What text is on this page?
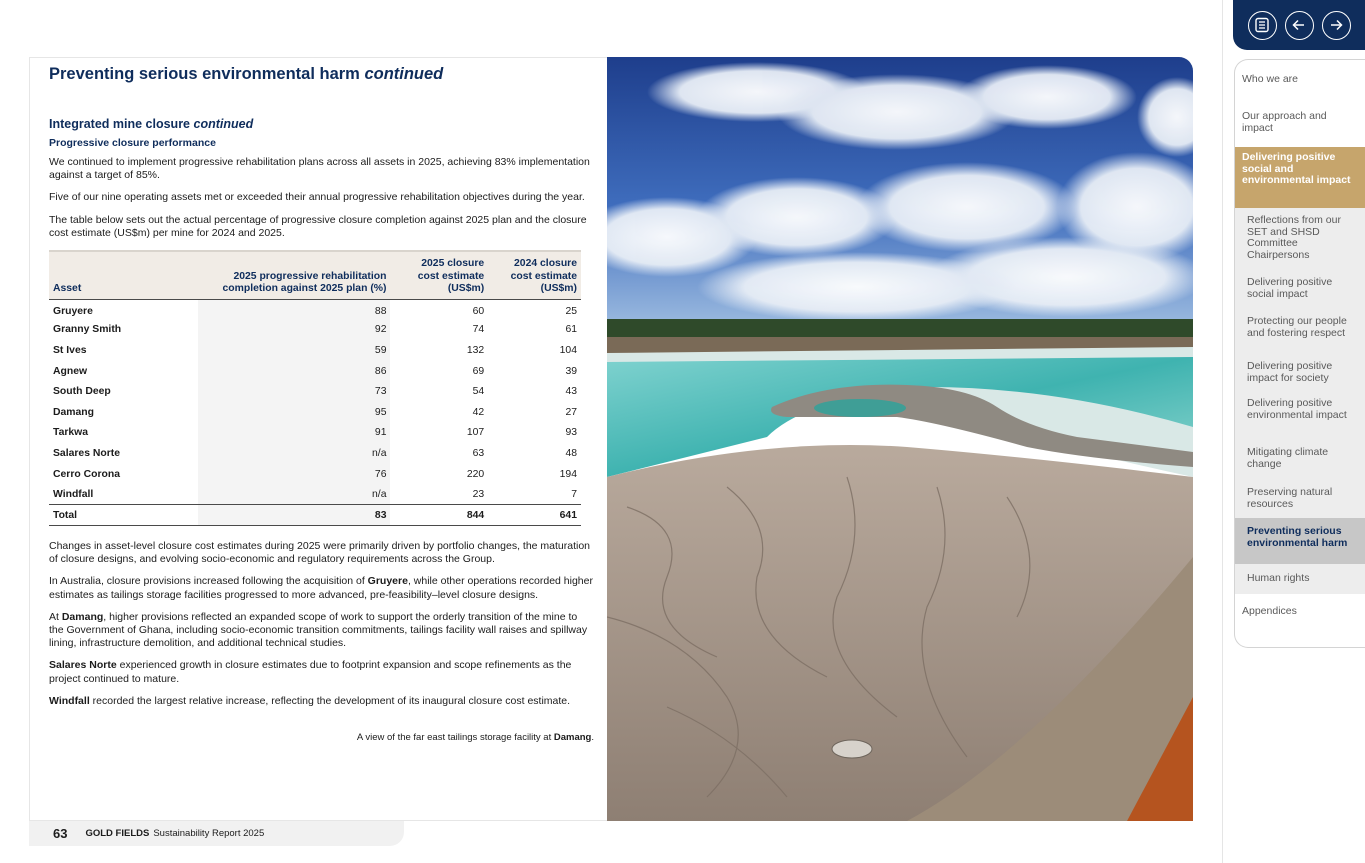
Preventing serious environmental harm continued
Integrated mine closure continued
Progressive closure performance

We continued to implement progressive rehabilitation plans across all assets in 2025, achieving 83% implementation against a target of 85%.

Five of our nine operating assets met or exceeded their annual progressive rehabilitation objectives during the year.

The table below sets out the actual percentage of progressive closure completion against 2025 plan and the closure cost estimate (US$m) per mine for 2024 and 2025.

Asset	2025 progressive rehabilitation completion against 2025 plan (%)	2025 closure cost estimate (US$m)	2024 closure cost estimate (US$m)
Gruyere	88	60	25
Granny Smith	92	74	61
St Ives	59	132	104
Agnew	86	69	39
South Deep	73	54	43
Damang	95	42	27
Tarkwa	91	107	93
Salares Norte	n/a	63	48
Cerro Corona	76	220	194
Windfall	n/a	23	7
Total	83	844	641

Changes in asset-level closure cost estimates during 2025 were primarily driven by portfolio changes, the maturation of closure designs, and evolving socio-economic and regulatory requirements across the Group.

In Australia, closure provisions increased following the acquisition of Gruyere, while other operations recorded higher estimates as tailings storage facilities progressed to more advanced, pre-feasibility–level closure designs.

At Damang, higher provisions reflected an expanded scope of work to support the orderly transition of the mine to the Government of Ghana, including socio-economic transition commitments, tailings facility wall raises and spillway lining, infrastructure demolition, and additional technical studies.

Salares Norte experienced growth in closure estimates due to footprint expansion and scope refinements as the project continued to mature.

Windfall recorded the largest relative increase, reflecting the development of its inaugural closure cost estimate.

A view of the far east tailings storage facility at Damang.

63 GOLD FIELDS Sustainability Report 2025
Who we are
Our approach and impact
Delivering positive social and environmental impact
Reflections from our SET and SHSD Committee Chairpersons
Delivering positive social impact
Protecting our people and fostering respect
Delivering positive impact for society
Delivering positive environmental impact
Mitigating climate change
Preserving natural resources
Preventing serious environmental harm
Human rights
Appendices
